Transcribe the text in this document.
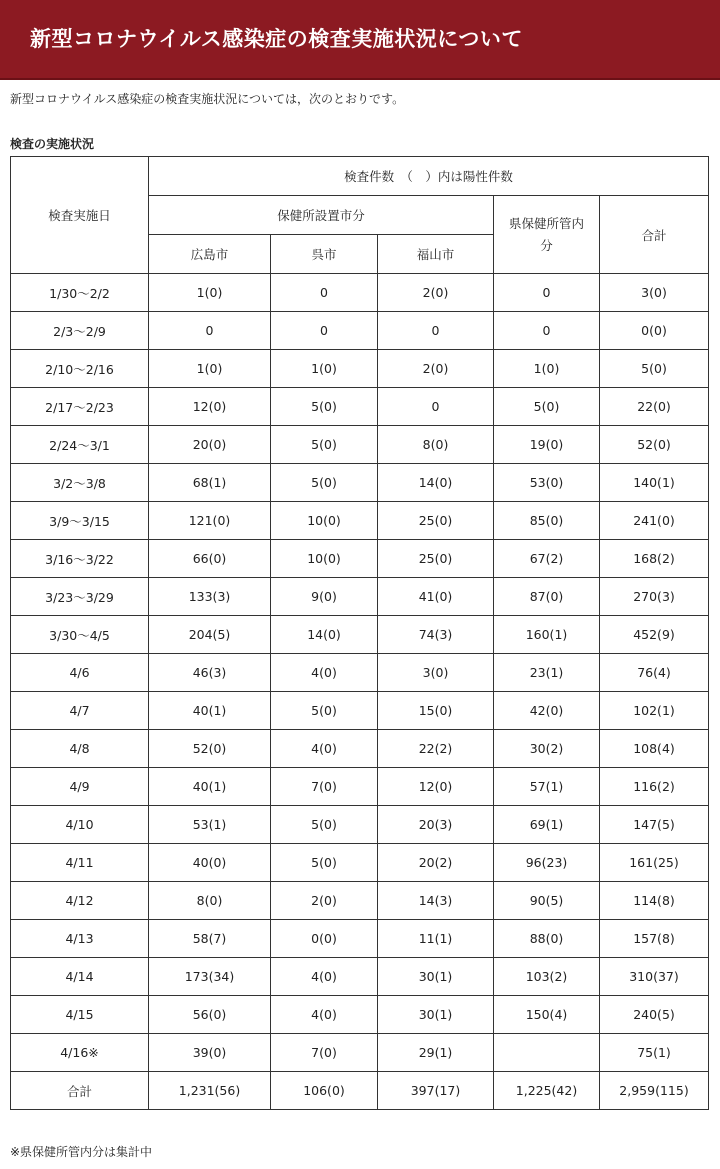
新型コロナウイルス感染症の検査実施状況について
新型コロナウイルス感染症の検査実施状況については，次のとおりです。
検査の実施状況
検査実施日	検査件数　（　）内は陽性件数				
	保健所設置市分			県保健所管内分	合計
	広島市	呉市	福山市		
1/30～2/2	1(0)	0	2(0)	0	3(0)
2/3～2/9	0	0	0	0	0(0)
2/10～2/16	1(0)	1(0)	2(0)	1(0)	5(0)
2/17～2/23	12(0)	5(0)	0	5(0)	22(0)
2/24～3/1	20(0)	5(0)	8(0)	19(0)	52(0)
3/2～3/8	68(1)	5(0)	14(0)	53(0)	140(1)
3/9～3/15	121(0)	10(0)	25(0)	85(0)	241(0)
3/16～3/22	66(0)	10(0)	25(0)	67(2)	168(2)
3/23～3/29	133(3)	9(0)	41(0)	87(0)	270(3)
3/30～4/5	204(5)	14(0)	74(3)	160(1)	452(9)
4/6	46(3)	4(0)	3(0)	23(1)	76(4)
4/7	40(1)	5(0)	15(0)	42(0)	102(1)
4/8	52(0)	4(0)	22(2)	30(2)	108(4)
4/9	40(1)	7(0)	12(0)	57(1)	116(2)
4/10	53(1)	5(0)	20(3)	69(1)	147(5)
4/11	40(0)	5(0)	20(2)	96(23)	161(25)
4/12	8(0)	2(0)	14(3)	90(5)	114(8)
4/13	58(7)	0(0)	11(1)	88(0)	157(8)
4/14	173(34)	4(0)	30(1)	103(2)	310(37)
4/15	56(0)	4(0)	30(1)	150(4)	240(5)
4/16※	39(0)	7(0)	29(1)		75(1)
合計	1,231(56)	106(0)	397(17)	1,225(42)	2,959(115)
※県保健所管内分は集計中
